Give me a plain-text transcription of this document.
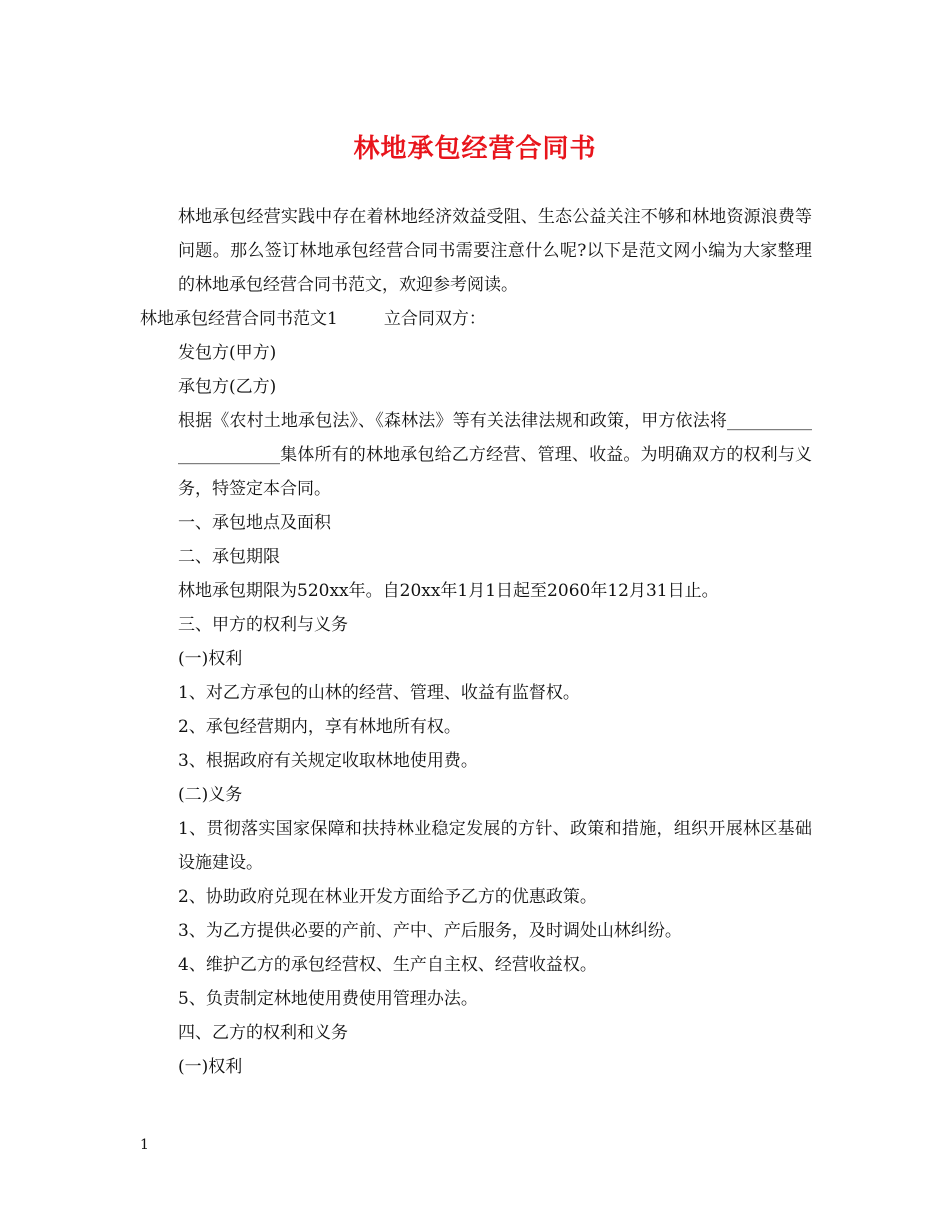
林地承包经营合同书

林地承包经营实践中存在着林地经济效益受阻、生态公益关注不够和林地资源浪费等问题。那么签订林地承包经营合同书需要注意什么呢?以下是范文网小编为大家整理的林地承包经营合同书范文，欢迎参考阅读。

林地承包经营合同书范文1	立合同双方：

发包方(甲方)

承包方(乙方)

根据《农村土地承包法》、《森林法》等有关法律法规和政策，甲方依法将______________________集体所有的林地承包给乙方经营、管理、收益。为明确双方的权利与义务，特签定本合同。

一、承包地点及面积

二、承包期限

林地承包期限为520xx年。自20xx年1月1日起至2060年12月31日止。

三、甲方的权利与义务

(一)权利

1、对乙方承包的山林的经营、管理、收益有监督权。

2、承包经营期内，享有林地所有权。

3、根据政府有关规定收取林地使用费。

(二)义务

1、贯彻落实国家保障和扶持林业稳定发展的方针、政策和措施，组织开展林区基础设施建设。

2、协助政府兑现在林业开发方面给予乙方的优惠政策。

3、为乙方提供必要的产前、产中、产后服务，及时调处山林纠纷。

4、维护乙方的承包经营权、生产自主权、经营收益权。

5、负责制定林地使用费使用管理办法。

四、乙方的权利和义务

(一)权利

1
